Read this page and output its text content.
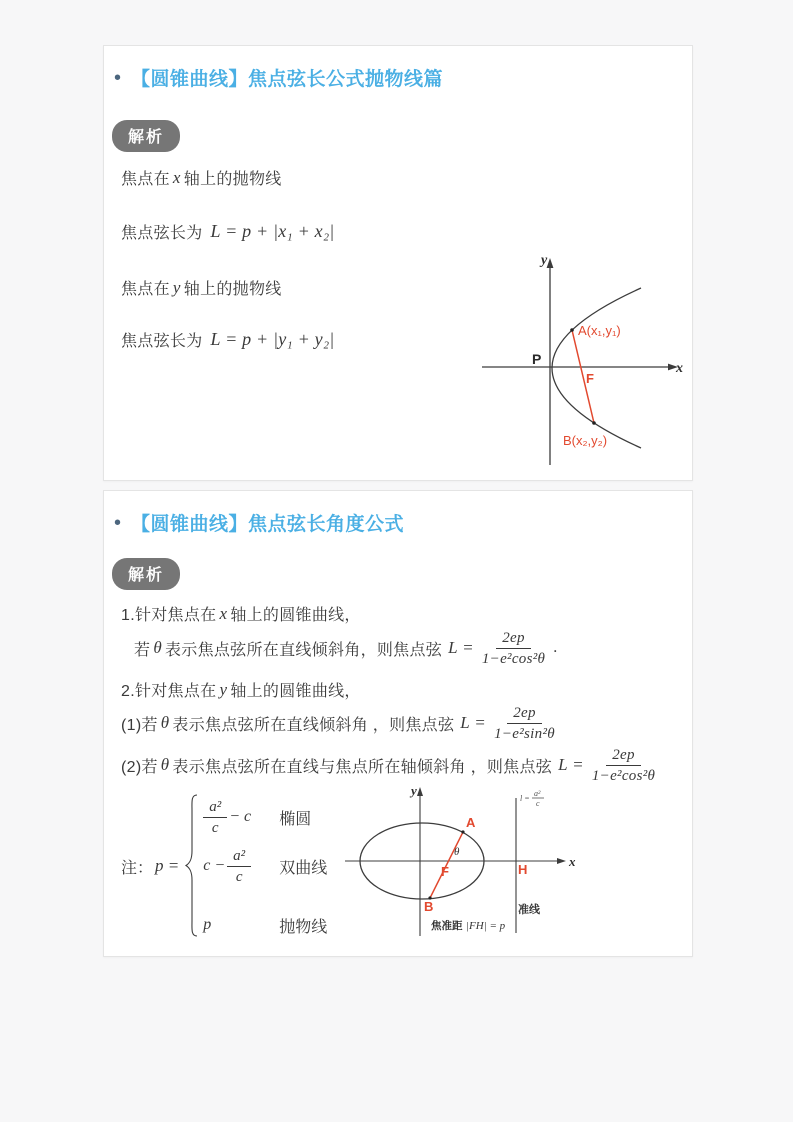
• 【圆锥曲线】焦点弦长公式抛物线篇
解析
焦点在 x 轴上的抛物线
焦点弦长为 L = p + |x₁ + x₂|
焦点在 y 轴上的抛物线
焦点弦长为 L = p + |y₁ + y₂|
y
x
P
A(x₁,y₁)
F
B(x₂,y₂)
• 【圆锥曲线】焦点弦长角度公式
解析
1.针对焦点在 x 轴上的圆锥曲线，
若 θ 表示焦点弦所在直线倾斜角，则焦点弦 $L = \frac{2ep}{\text{1−e²cos²θ}}$ .
2.针对焦点在 y 轴上的圆锥曲线，
(1)若 θ 表示焦点弦所在直线倾斜角 ，则焦点弦 $L = \frac{2ep}{\text{1−e²sin²θ}}$
(2)若 θ 表示焦点弦所在直线与焦点所在轴倾斜角 ，则焦点弦 $L = \frac{2ep}{\text{1−e²cos²θ}}$
注： p =
$\frac{\text{a²}}{c} - c$ 椭圆
$c - \frac{\text{a²}}{c}$ 双曲线
p	抛物线
y
x
A
θ
F	H
B
l =
a²
c
准线
焦准距 |FH| = p
